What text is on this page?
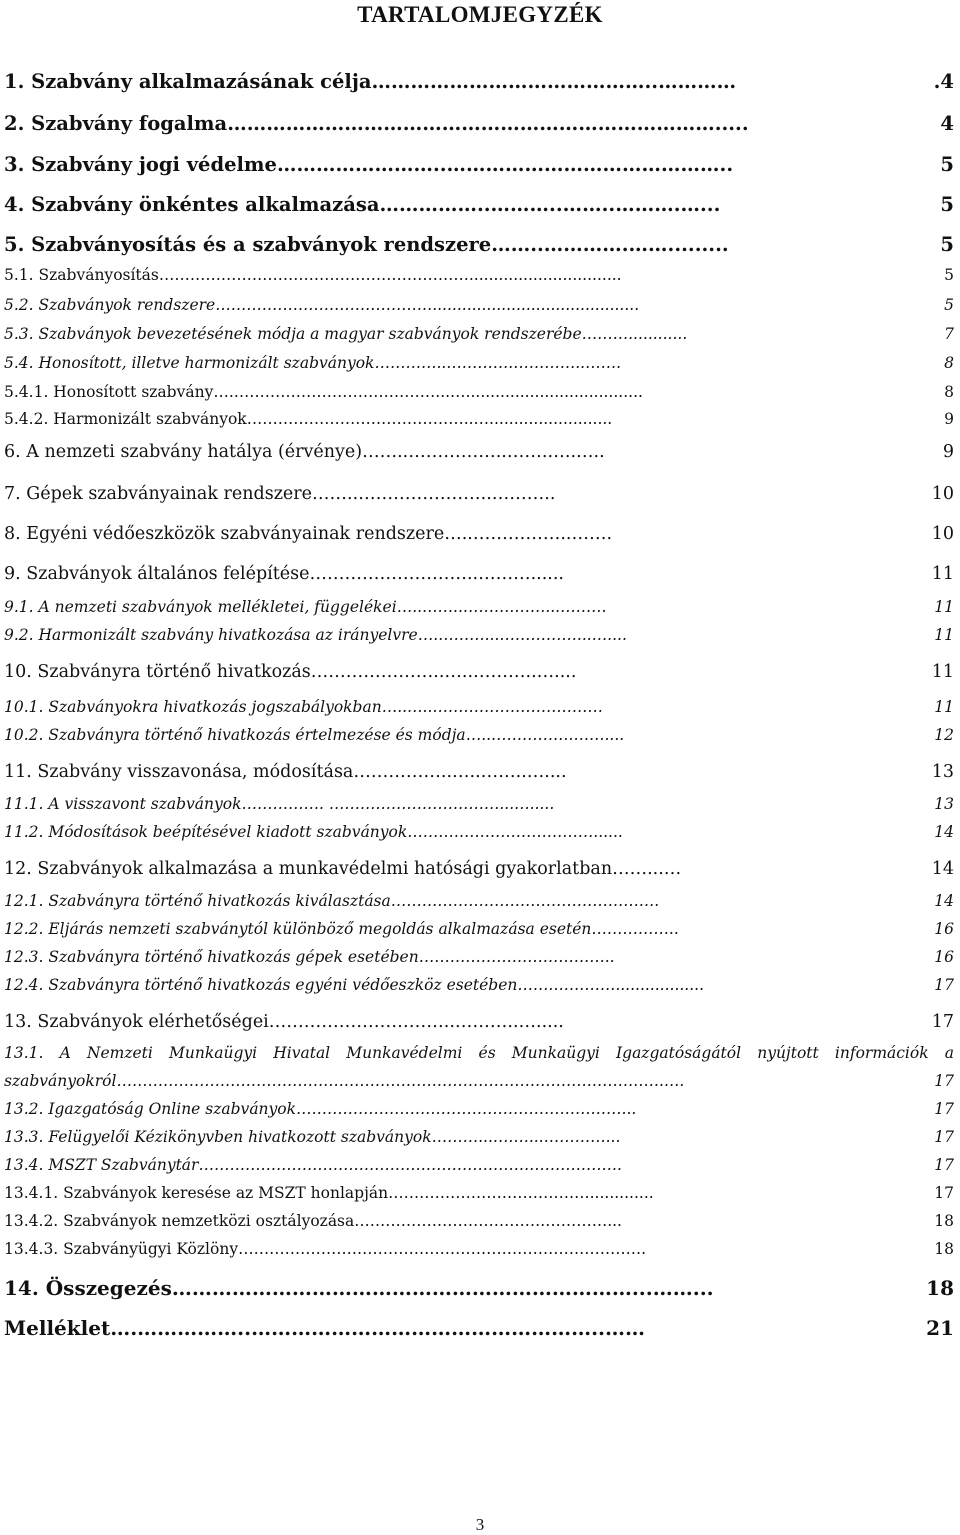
TARTALOMJEGYZÉK
1. Szabvány alkalmazásának célja ……………………………………..…………	.4
2. Szabvány fogalma ………………………………………………………………….....	4
3. Szabvány jogi védelme ……………………..……………………………………..	5
4. Szabvány önkéntes alkalmazása ……………..………..……..……….…...	5
5. Szabványosítás és a szabványok rendszere ……..………….…….........	5
5.1. Szabványosítás ……………………………………………………...............................	5
5.2. Szabványok rendszere ……………………………………..........................................	5
5.3. Szabványok bevezetésének módja a magyar szabványok rendszerébe ………............	7
5.4. Honosított, illetve harmonizált szabványok …………..………….…………..…….	8
5.4.1. Honosított szabvány ….…………………………………...…....................................	8
5.4.2. Harmonizált szabványok ……………………………………..….........................	9
6. A nemzeti szabvány hatálya (érvénye) ……..……………..…….…..…..	9
7. Gépek szabványainak rendszere ……..…………………..………..	10
8. Egyéni védőeszközök szabványainak rendszere …..……………..…….	10
9. Szabványok általános felépítése ………………………..………......	11
9.1. A nemzeti szabványok mellékletei, függelékei …..……..……….……...………	11
9.2. Harmonizált szabvány hivatkozása az irányelvre ….………...……………...…....	11
10. Szabványra történő hivatkozás …………………..…..………..…....	11
10.1. Szabványokra hivatkozás jogszabályokban …..…..……………………………	11
10.2. Szabványra történő hivatkozás értelmezése és módja …..…………….……....	12
11. Szabvány visszavonása, módosítása ……………..…..……..…....	13
11.1. A visszavont szabványok ……………. ……………………………...….....	13
11.2. Módosítások beépítésével kiadott szabványok ………………………………......	14
12. Szabványok alkalmazása a munkavédelmi hatósági gyakorlatban ……...…	14
12.1. Szabványra történő hivatkozás kiválasztása …………………………………………….	14
12.2. Eljárás nemzeti szabványtól különböző megoldás alkalmazása esetén ……………..	16
12.3. Szabványra történő hivatkozás gépek esetében ………………………………..	16
12.4. Szabványra történő hivatkozás egyéni védőeszköz esetében …….…………..................	17
13. Szabványok elérhetőségei …………………………..………..….....	17
13.1. A Nemzeti Munkaügyi Hivatal Munkavédelmi és Munkaügyi Igazgatóságától nyújtott információk a
szabványokról …………………………………………………………………………………………….….	17
13.2. Igazgatóság Online szabványok ………………………………………………………...	17
13.3. Felügyelői Kézikönyvben hivatkozott szabványok ………...….…...…………...	17
13.4. MSZT Szabványtár ……………………………………………………………………….	17
13.4.1. Szabványok keresése az MSZT honlapján ………………………………….............	17
13.4.2. Szabványok nemzetközi osztályozása ……………………………….…………...	18
13.4.3. Szabványügyi Közlöny …………………………………………………………………….	18
14. Összegezés ……………………………………………………………...……...	18
Melléklet ….……………..……………………………………………..……	21
3
